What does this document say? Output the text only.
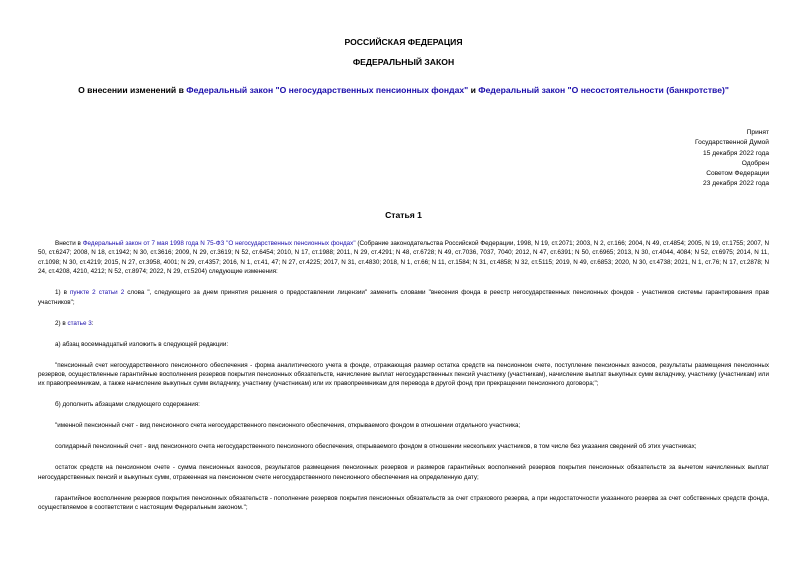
РОССИЙСКАЯ ФЕДЕРАЦИЯ
ФЕДЕРАЛЬНЫЙ ЗАКОН
О внесении изменений в Федеральный закон "О негосударственных пенсионных фондах" и Федеральный закон "О несостоятельности (банкротстве)"
Принят
Государственной Думой
15 декабря 2022 года
Одобрен
Советом Федерации
23 декабря 2022 года
Статья 1

Внести в Федеральный закон от 7 мая 1998 года N 75-ФЗ "О негосударственных пенсионных фондах" (Собрание законодательства Российской Федерации, 1998, N 19, ст.2071; 2003, N 2, ст.166; 2004, N 49, ст.4854; 2005, N 19, ст.1755; 2007, N 50, ст.6247; 2008, N 18, ст.1942; N 30, ст.3616; 2009, N 29, ст.3619; N 52, ст.6454; 2010, N 17, ст.1988; 2011, N 29, ст.4291; N 48, ст.6728; N 49, ст.7036, 7037, 7040; 2012, N 47, ст.6391; N 50, ст.6965; 2013, N 30, ст.4044, 4084; N 52, ст.6975; 2014, N 11, ст.1098; N 30, ст.4219; 2015, N 27, ст.3958, 4001; N 29, ст.4357; 2016, N 1, ст.41, 47; N 27, ст.4225; 2017, N 31, ст.4830; 2018, N 1, ст.66; N 11, ст.1584; N 31, ст.4858; N 32, ст.5115; 2019, N 49, ст.6853; 2020, N 30, ст.4738; 2021, N 1, ст.76; N 17, ст.2878; N 24, ст.4208, 4210, 4212; N 52, ст.8974; 2022, N 29, ст.5204) следующие изменения:

1) в пункте 2 статьи 2 слова ", следующего за днем принятия решения о предоставлении лицензии" заменить словами "внесения фонда в реестр негосударственных пенсионных фондов - участников системы гарантирования прав участников";

2) в статье 3:

а) абзац восемнадцатый изложить в следующей редакции:

"пенсионный счет негосударственного пенсионного обеспечения - форма аналитического учета в фонде, отражающая размер остатка средств на пенсионном счете, поступление пенсионных взносов, результаты размещения пенсионных резервов, осуществленные гарантийные восполнения резервов покрытия пенсионных обязательств, начисление выплат негосударственных пенсий участнику (участникам), начисление выплат выкупных сумм вкладчику, участнику (участникам) или их правопреемникам, а также начисление выкупных сумм вкладчику, участнику (участникам) или их правопреемникам для перевода в другой фонд при прекращении пенсионного договора;";

б) дополнить абзацами следующего содержания:

"именной пенсионный счет - вид пенсионного счета негосударственного пенсионного обеспечения, открываемого фондом в отношении отдельного участника;

солидарный пенсионный счет - вид пенсионного счета негосударственного пенсионного обеспечения, открываемого фондом в отношении нескольких участников, в том числе без указания сведений об этих участниках;

остаток средств на пенсионном счете - сумма пенсионных взносов, результатов размещения пенсионных резервов и размеров гарантийных восполнений резервов покрытия пенсионных обязательств за вычетом начисленных выплат негосударственных пенсий и выкупных сумм, отраженная на пенсионном счете негосударственного пенсионного обеспечения на определенную дату;

гарантийное восполнение резервов покрытия пенсионных обязательств - пополнение резервов покрытия пенсионных обязательств за счет страхового резерва, а при недостаточности указанного резерва за счет собственных средств фонда, осуществляемое в соответствии с настоящим Федеральным законом.";
